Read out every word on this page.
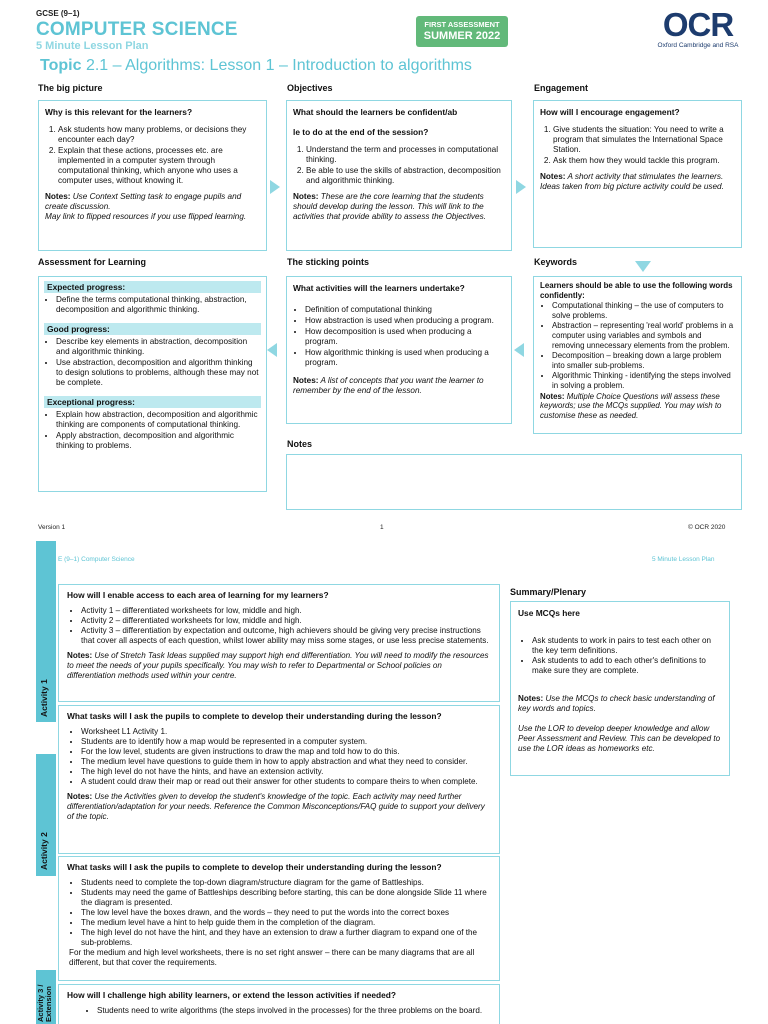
GCSE (9–1)
COMPUTER SCIENCE
5 Minute Lesson Plan
FIRST ASSESSMENT
SUMMER 2022	OCR
Oxford Cambridge and RSA
Topic 2.1 – Algorithms: Lesson 1 – Introduction to algorithms
The big picture	Objectives	Engagement
Why is this relevant for the learners?
1. Ask students how many problems, or decisions they encounter each day?
2. Explain that these actions, processes etc. are implemented in a computer system through computational thinking, which anyone who uses a computer uses, without knowing it.
Notes: Use Context Setting task to engage pupils and create discussion.
May link to flipped resources if you use flipped learning.
What should the learners be confident/ab
le to do at the end of the session?
1. Understand the term and processes in computational thinking.
2. Be able to use the skills of abstraction, decomposition and algorithmic thinking.
Notes: These are the core learning that the students should develop during the lesson. This will link to the activities that provide ability to assess the Objectives.
How will I encourage engagement?
1. Give students the situation: You need to write a program that simulates the International Space Station.
2. Ask them how they would tackle this program.
Notes: A short activity that stimulates the learners. Ideas taken from big picture activity could be used.
Assessment for Learning	The sticking points	Keywords
Expected progress:
• Define the terms computational thinking, abstraction, decomposition and algorithmic thinking.
Good progress:
• Describe key elements in abstraction, decomposition and algorithmic thinking.
• Use abstraction, decomposition and algorithm thinking to design solutions to problems, although these may not be complete.
Exceptional progress:
• Explain how abstraction, decomposition and algorithmic thinking are components of computational thinking.
• Apply abstraction, decomposition and algorithmic thinking to problems.
What activities will the learners undertake?
• Definition of computational thinking
• How abstraction is used when producing a program.
• How decomposition is used when producing a program.
• How algorithmic thinking is used when producing a program.
Notes: A list of concepts that you want the learner to remember by the end of the lesson.
Learners should be able to use the following words confidently:
• Computational thinking – the use of computers to solve problems.
• Abstraction – representing 'real world' problems in a computer using variables and symbols and removing unnecessary elements from the problem.
• Decomposition – breaking down a large problem into smaller sub-problems.
• Algorithmic Thinking - identifying the steps involved in solving a problem.
Notes: Multiple Choice Questions will assess these keywords; use the MCQs supplied. You may wish to customise these as needed.
Notes
Version 1	1	© OCR 2020
Activity 1
Activity 2
Activity 3 / Extension
E (9–1) Computer Science	5 Minute Lesson Plan
How will I enable access to each area of learning for my learners?
• Activity 1 – differentiated worksheets for low, middle and high.
• Activity 2 – differentiated worksheets for low, middle and high.
• Activity 3 – differentiation by expectation and outcome, high achievers should be giving very precise instructions that cover all aspects of each question, whilst lower ability may miss some stages, or use less precise statements.
Notes: Use of Stretch Task Ideas supplied may support high end differentiation. You will need to modify the resources to meet the needs of your pupils specifically. You may wish to refer to Departmental or School policies on differentiation methods used within your centre.
What tasks will I ask the pupils to complete to develop their understanding during the lesson?
• Worksheet L1 Activity 1.
• Students are to identify how a map would be represented in a computer system.
• For the low level, students are given instructions to draw the map and told how to do this.
• The medium level have questions to guide them in how to apply abstraction and what they need to consider.
• The high level do not have the hints, and have an extension activity.
• A student could draw their map or read out their answer for other students to compare theirs to when complete.
Notes: Use the Activities given to develop the student's knowledge of the topic. Each activity may need further differentiation/adaptation for your needs. Reference the Common Misconceptions/FAQ guide to support your delivery of the topic.
What tasks will I ask the pupils to complete to develop their understanding during the lesson?
• Students need to complete the top-down diagram/structure diagram for the game of Battleships.
• Students may need the game of Battleships describing before starting, this can be done alongside Slide 11 where the diagram is presented.
• The low level have the boxes drawn, and the words – they need to put the words into the correct boxes
• The medium level have a hint to help guide them in the completion of the diagram.
• The high level do not have the hint, and they have an extension to draw a further diagram to expand one of the sub-problems.
For the medium and high level worksheets, there is no set right answer – there can be many diagrams that are all different, but that cover the requirements.
How will I challenge high ability learners, or extend the lesson activities if needed?
• Students need to write algorithms (the steps involved in the processes) for the three problems on the board.
Summary/Plenary
Use MCQs here
• Ask students to work in pairs to test each other on the key term definitions.
• Ask students to add to each other's definitions to make sure they are complete.
Notes: Use the MCQs to check basic understanding of key words and topics.
Use the LOR to develop deeper knowledge and allow Peer Assessment and Review. This can be developed to use the LOR ideas as homeworks etc.
